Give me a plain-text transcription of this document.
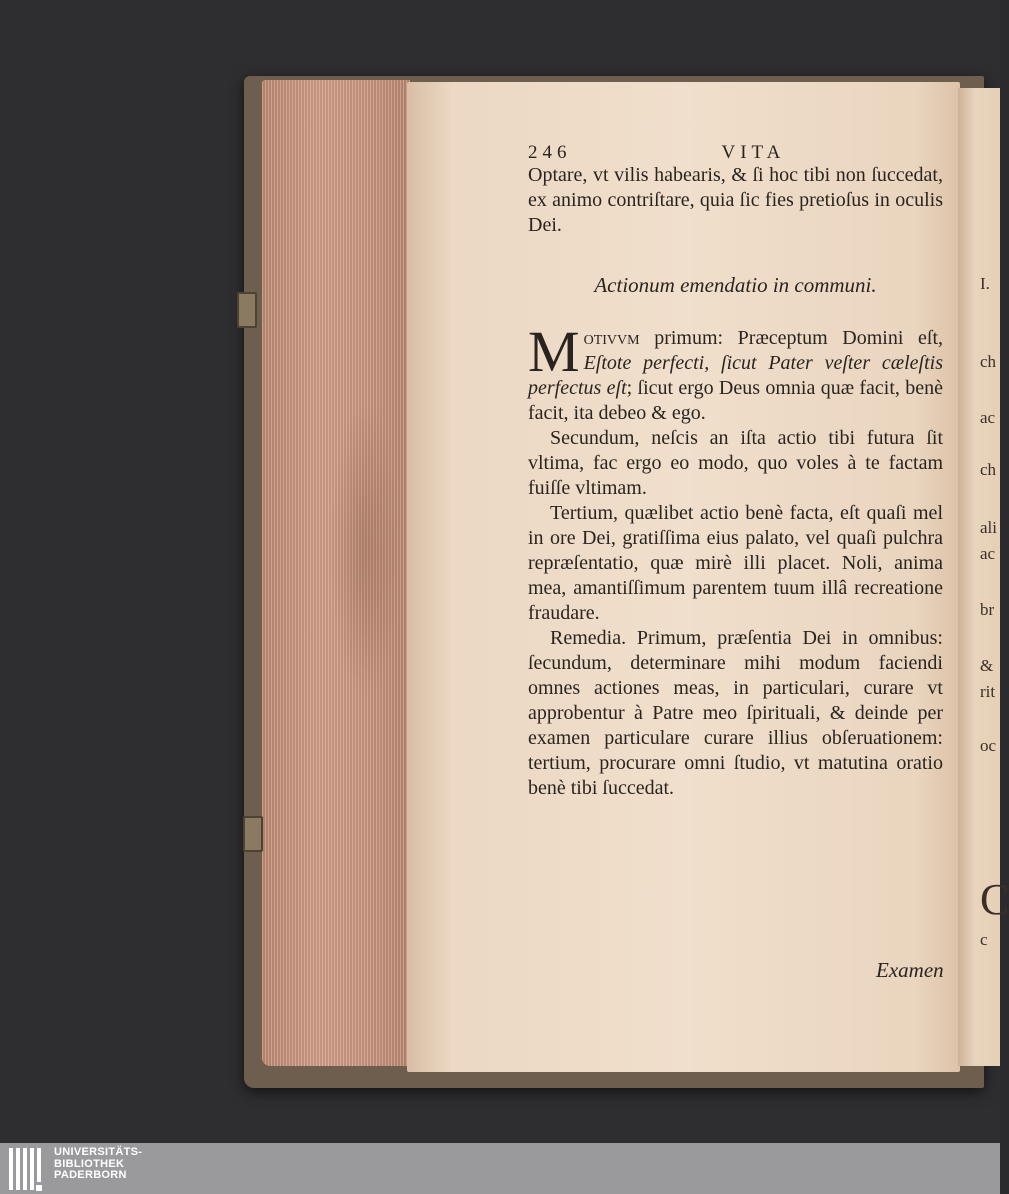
I.
ch
ac
ch
ali
ac
br
&
rit
oc
C
c
246	VITA

Optare, vt vilis habearis, & ſi hoc tibi non ſuccedat, ex animo contriſtare, quia ſic fies pretioſus in oculis Dei.

Actionum emendatio in communi.

Motivvm primum: Præceptum Domini eſt, Eſtote perfecti, ſicut Pater veſter cæleſtis perfectus eſt; ſicut ergo Deus omnia quæ facit, benè facit, ita debeo & ego.

Secundum, neſcis an iſta actio tibi futura ſit vltima, fac ergo eo modo, quo voles à te factam fuiſſe vltimam.

Tertium, quælibet actio benè facta, eſt quaſi mel in ore Dei, gratiſſima eius palato, vel quaſi pulchra repræſentatio, quæ mirè illi placet. Noli, anima mea, amantiſſimum parentem tuum illâ recreatione fraudare.

Remedia. Primum, præſentia Dei in omnibus: ſecundum, determinare mihi modum faciendi omnes actiones meas, in particulari, curare vt approbentur à Patre meo ſpirituali, & deinde per examen particulare curare illius obſeruationem: tertium, procurare omni ſtudio, vt matutina oratio benè tibi ſuccedat.

Examen
UNIVERSITÄTS-
BIBLIOTHEK
PADERBORN
